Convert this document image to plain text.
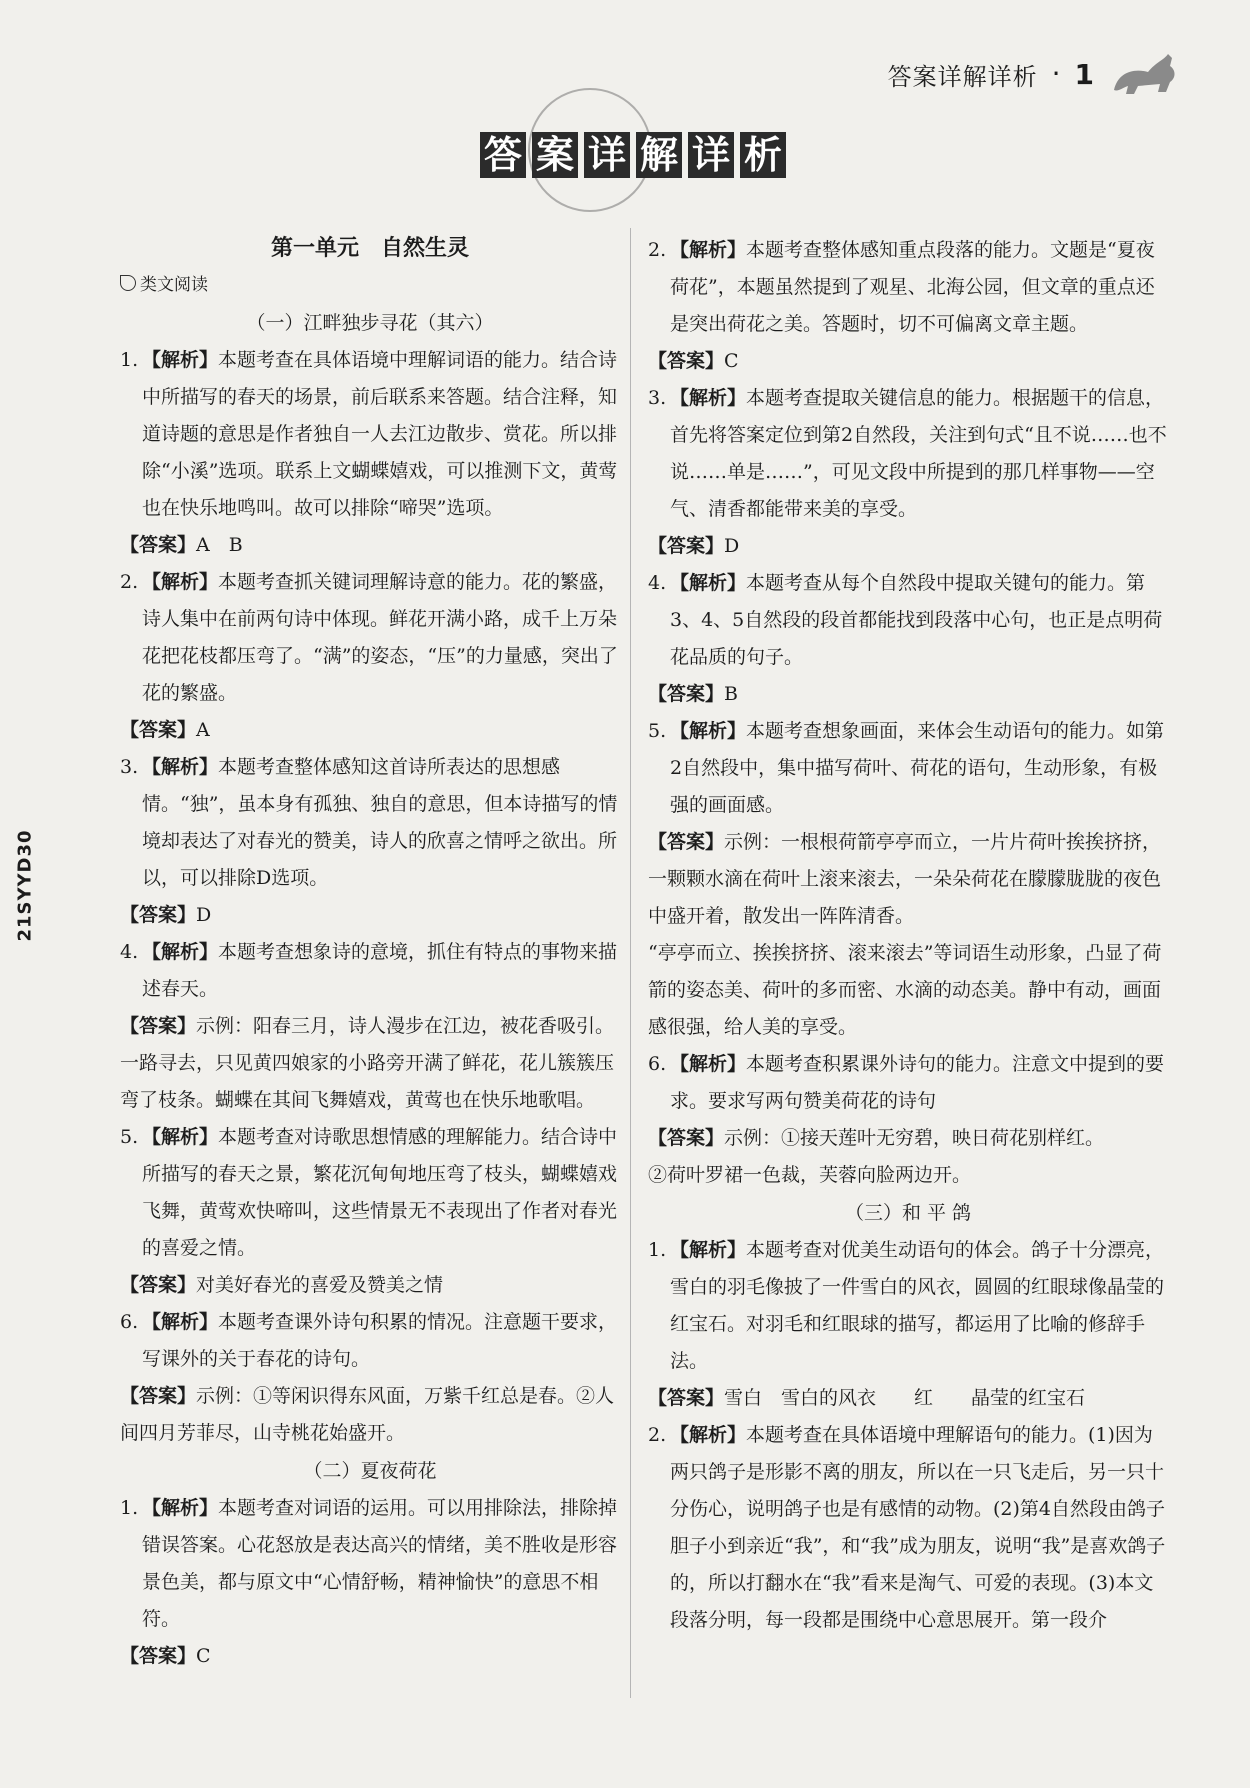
答案详解详析 · 1
答 案 详 解 详 析
21SYYD30
第一单元　自然生灵
类文阅读
（一）江畔独步寻花（其六）
1. 【解析】本题考查在具体语境中理解词语的能力。结合诗中所描写的春天的场景，前后联系来答题。结合注释，知道诗题的意思是作者独自一人去江边散步、赏花。所以排除“小溪”选项。联系上文蝴蝶嬉戏，可以推测下文，黄莺也在快乐地鸣叫。故可以排除“啼哭”选项。
【答案】A　B
2. 【解析】本题考查抓关键词理解诗意的能力。花的繁盛，诗人集中在前两句诗中体现。鲜花开满小路，成千上万朵花把花枝都压弯了。“满”的姿态，“压”的力量感，突出了花的繁盛。
【答案】A
3. 【解析】本题考查整体感知这首诗所表达的思想感情。“独”，虽本身有孤独、独自的意思，但本诗描写的情境却表达了对春光的赞美，诗人的欣喜之情呼之欲出。所以，可以排除D选项。
【答案】D
4. 【解析】本题考查想象诗的意境，抓住有特点的事物来描述春天。
【答案】示例：阳春三月，诗人漫步在江边，被花香吸引。一路寻去，只见黄四娘家的小路旁开满了鲜花，花儿簇簇压弯了枝条。蝴蝶在其间飞舞嬉戏，黄莺也在快乐地歌唱。
5. 【解析】本题考查对诗歌思想情感的理解能力。结合诗中所描写的春天之景，繁花沉甸甸地压弯了枝头，蝴蝶嬉戏飞舞，黄莺欢快啼叫，这些情景无不表现出了作者对春光的喜爱之情。
【答案】对美好春光的喜爱及赞美之情
6. 【解析】本题考查课外诗句积累的情况。注意题干要求，写课外的关于春花的诗句。
【答案】示例：①等闲识得东风面，万紫千红总是春。②人间四月芳菲尽，山寺桃花始盛开。
（二）夏夜荷花
1. 【解析】本题考查对词语的运用。可以用排除法，排除掉错误答案。心花怒放是表达高兴的情绪，美不胜收是形容景色美，都与原文中“心情舒畅，精神愉快”的意思不相符。
【答案】C
2. 【解析】本题考查整体感知重点段落的能力。文题是“夏夜荷花”，本题虽然提到了观星、北海公园，但文章的重点还是突出荷花之美。答题时，切不可偏离文章主题。
【答案】C
3. 【解析】本题考查提取关键信息的能力。根据题干的信息，首先将答案定位到第2自然段，关注到句式“且不说……也不说……单是……”，可见文段中所提到的那几样事物——空气、清香都能带来美的享受。
【答案】D
4. 【解析】本题考查从每个自然段中提取关键句的能力。第3、4、5自然段的段首都能找到段落中心句，也正是点明荷花品质的句子。
【答案】B
5. 【解析】本题考查想象画面，来体会生动语句的能力。如第2自然段中，集中描写荷叶、荷花的语句，生动形象，有极强的画面感。
【答案】示例：一根根荷箭亭亭而立，一片片荷叶挨挨挤挤，一颗颗水滴在荷叶上滚来滚去，一朵朵荷花在朦朦胧胧的夜色中盛开着，散发出一阵阵清香。
“亭亭而立、挨挨挤挤、滚来滚去”等词语生动形象，凸显了荷箭的姿态美、荷叶的多而密、水滴的动态美。静中有动，画面感很强，给人美的享受。
6. 【解析】本题考查积累课外诗句的能力。注意文中提到的要求。要求写两句赞美荷花的诗句
【答案】示例：①接天莲叶无穷碧，映日荷花别样红。
②荷叶罗裙一色裁，芙蓉向脸两边开。
（三）和 平 鸽
1. 【解析】本题考查对优美生动语句的体会。鸽子十分漂亮，雪白的羽毛像披了一件雪白的风衣，圆圆的红眼球像晶莹的红宝石。对羽毛和红眼球的描写，都运用了比喻的修辞手法。
【答案】雪白　雪白的风衣　　红　　晶莹的红宝石
2. 【解析】本题考查在具体语境中理解语句的能力。(1)因为两只鸽子是形影不离的朋友，所以在一只飞走后，另一只十分伤心，说明鸽子也是有感情的动物。(2)第4自然段由鸽子胆子小到亲近“我”，和“我”成为朋友，说明“我”是喜欢鸽子的，所以打翻水在“我”看来是淘气、可爱的表现。(3)本文段落分明，每一段都是围绕中心意思展开。第一段介
